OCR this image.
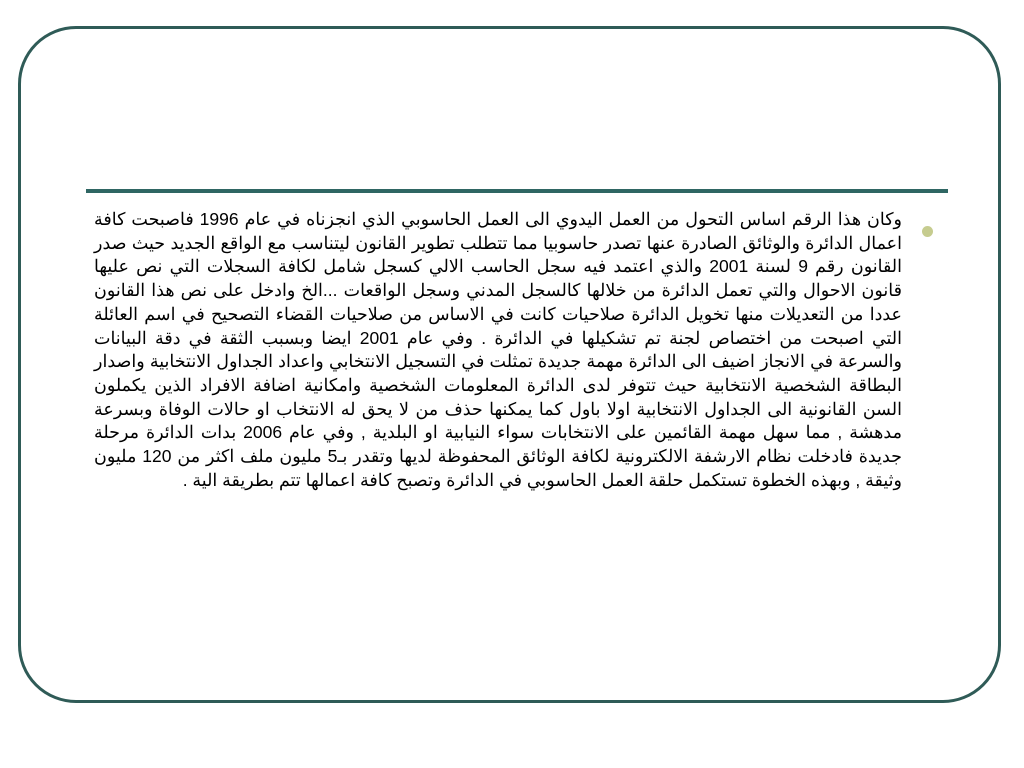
وكان هذا الرقم اساس التحول من العمل اليدوي الى العمل الحاسوبي الذي انجزناه في عام 1996 فاصبحت كافة اعمال الدائرة والوثائق الصادرة عنها تصدر حاسوبيا مما تتطلب تطوير القانون ليتناسب مع الواقع الجديد حيث صدر القانون رقم 9 لسنة 2001 والذي اعتمد فيه سجل الحاسب الالي كسجل شامل لكافة السجلات التي نص عليها قانون الاحوال والتي تعمل الدائرة من خلالها كالسجل المدني وسجل الواقعات ...الخ وادخل على نص هذا القانون عددا من التعديلات منها تخويل الدائرة صلاحيات كانت في الاساس من صلاحيات القضاء التصحيح في اسم العائلة التي اصبحت من اختصاص لجنة تم تشكيلها في الدائرة . وفي عام 2001 ايضا وبسبب الثقة في دقة البيانات والسرعة في الانجاز اضيف الى الدائرة مهمة جديدة تمثلت في التسجيل الانتخابي واعداد الجداول الانتخابية واصدار البطاقة الشخصية الانتخابية حيث تتوفر لدى الدائرة المعلومات الشخصية وامكانية اضافة الافراد الذين يكملون السن القانونية الى الجداول الانتخابية اولا باول كما يمكنها حذف من لا يحق له الانتخاب او حالات الوفاة وبسرعة مدهشة , مما سهل مهمة القائمين على الانتخابات سواء النيابية او البلدية , وفي عام 2006 بدات الدائرة مرحلة جديدة فادخلت نظام الارشفة الالكترونية لكافة الوثائق المحفوظة لديها وتقدر بـ5 مليون ملف اكثر من 120 مليون وثيقة , وبهذه الخطوة تستكمل حلقة العمل الحاسوبي في الدائرة وتصبح كافة اعمالها تتم بطريقة الية .
